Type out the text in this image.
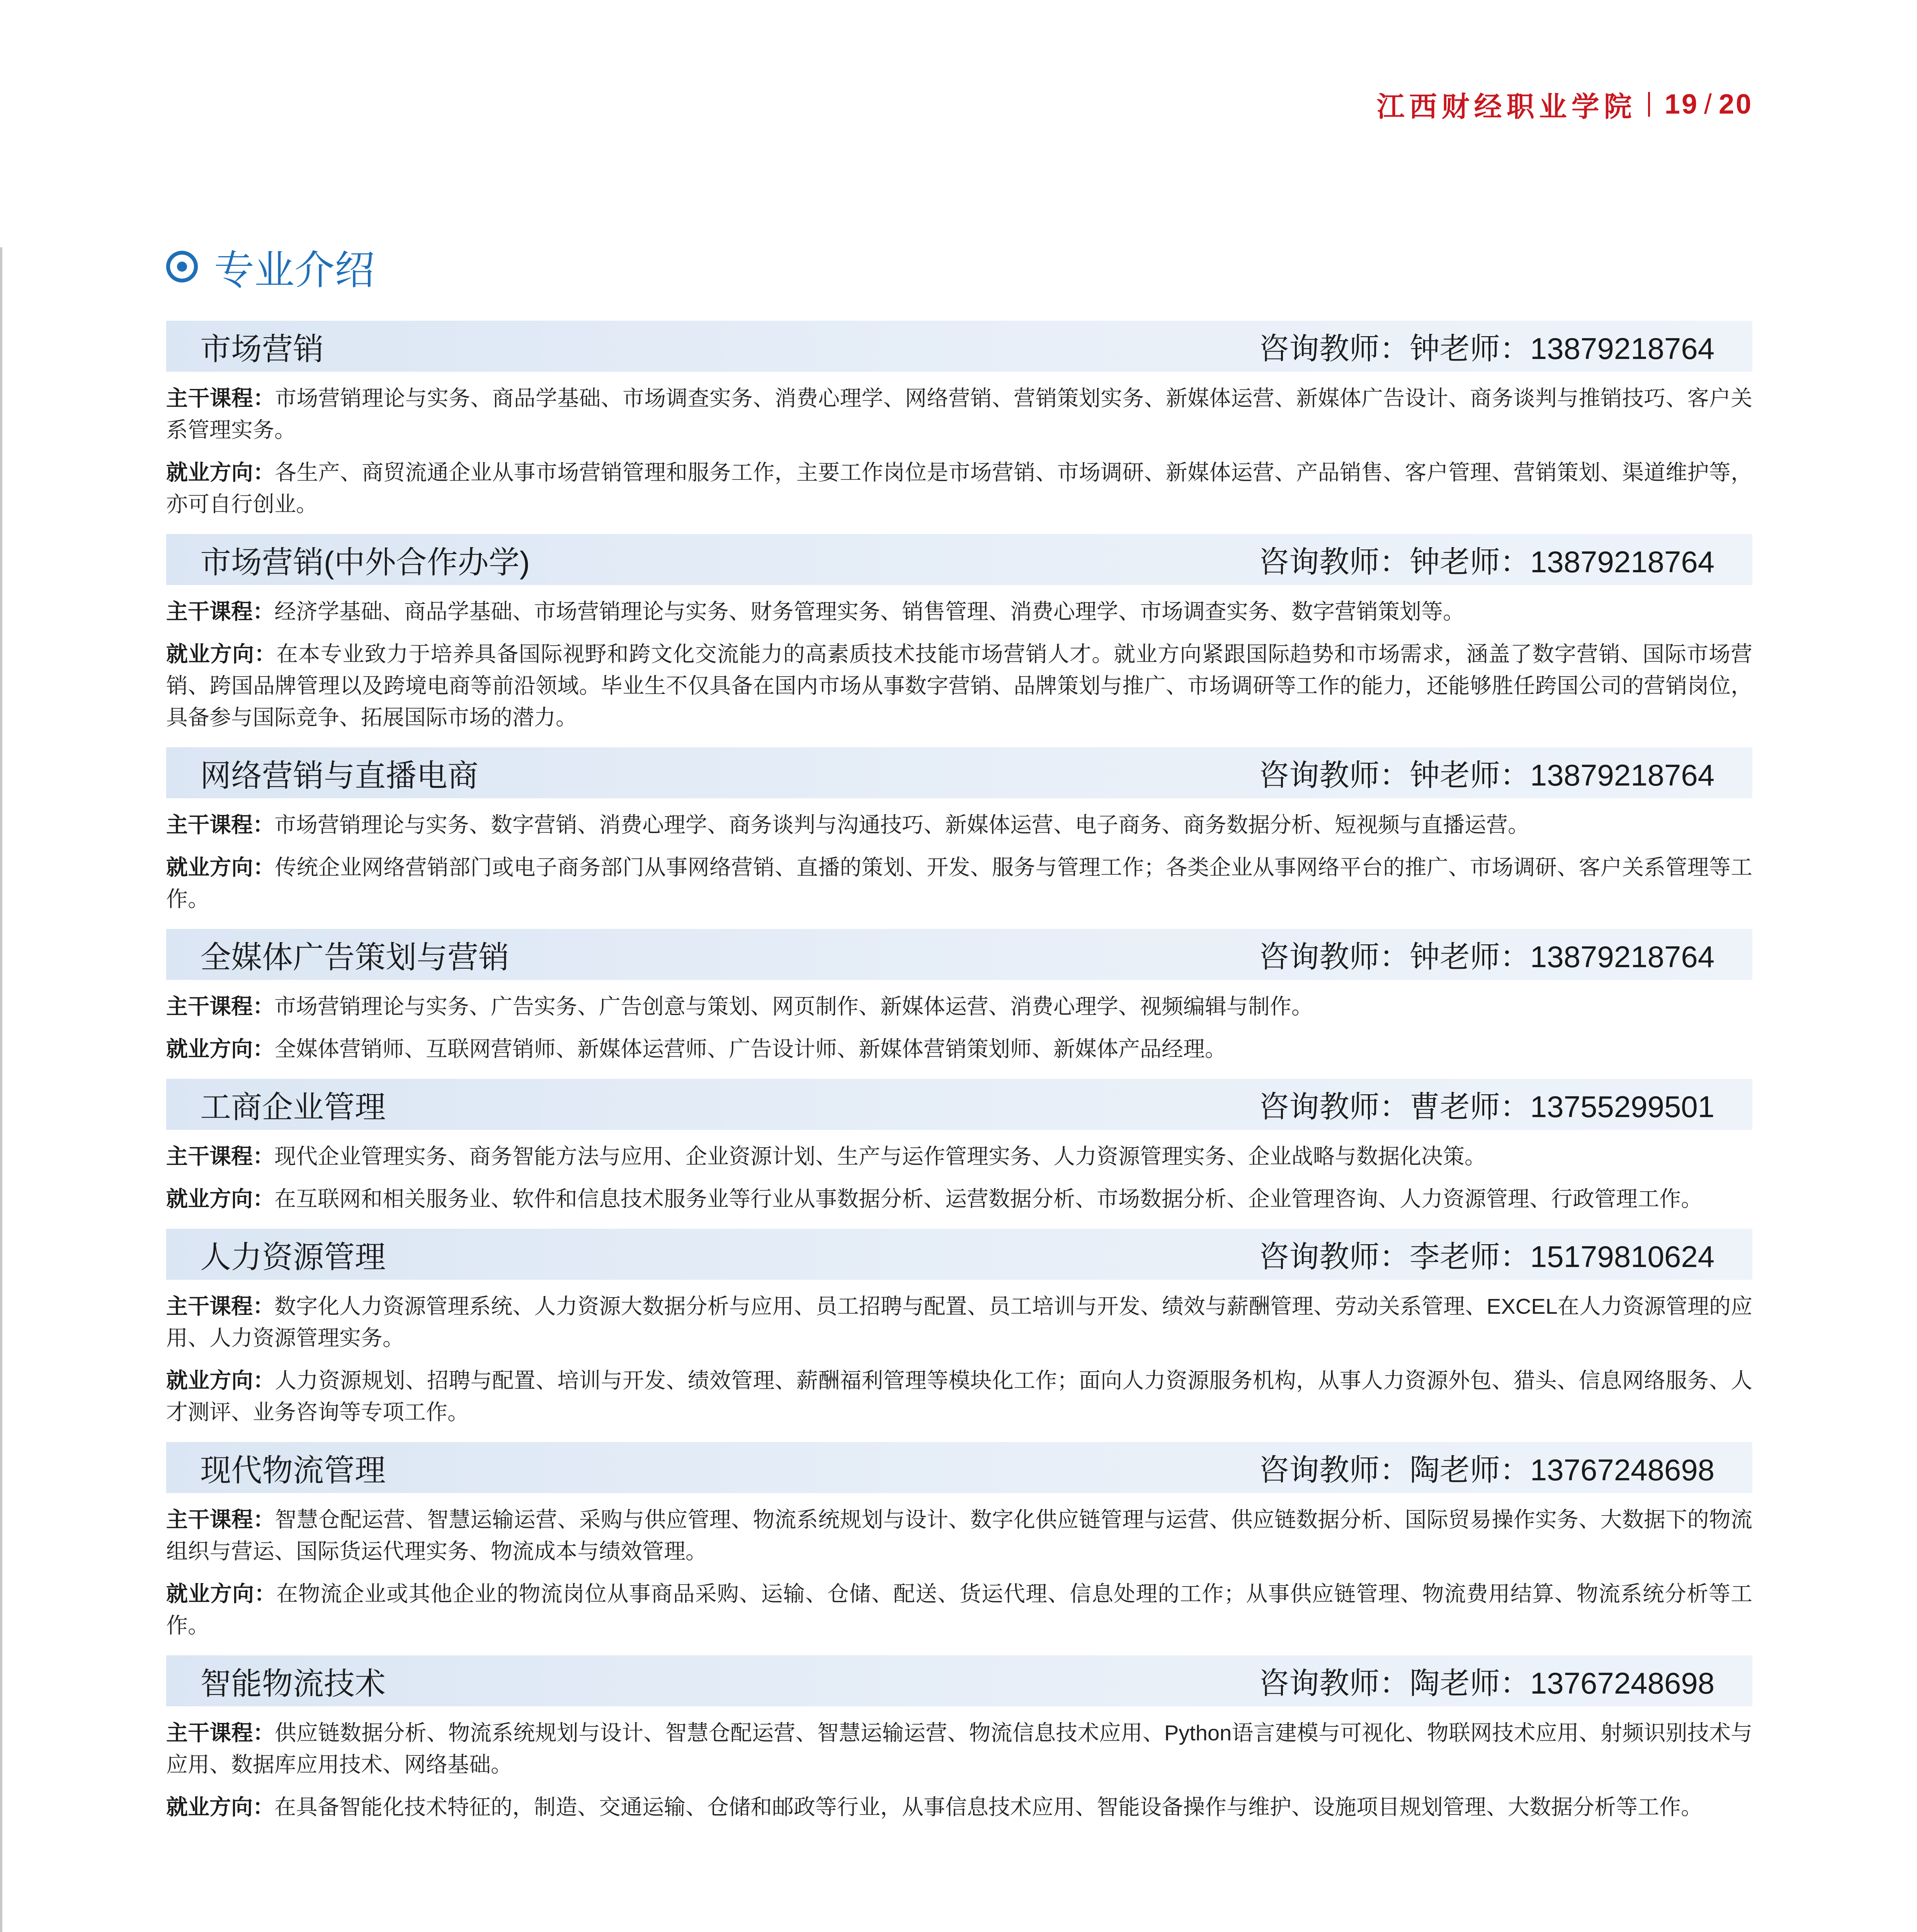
江西财经职业学院 19 / 20
专业介绍
市场营销	咨询教师：钟老师：13879218764

主干课程：市场营销理论与实务、商品学基础、市场调查实务、消费心理学、网络营销、营销策划实务、新媒体运营、新媒体广告设计、商务谈判与推销技巧、客户关系管理实务。

就业方向：各生产、商贸流通企业从事市场营销管理和服务工作，主要工作岗位是市场营销、市场调研、新媒体运营、产品销售、客户管理、营销策划、渠道维护等，亦可自行创业。

市场营销(中外合作办学)	咨询教师：钟老师：13879218764

主干课程：经济学基础、商品学基础、市场营销理论与实务、财务管理实务、销售管理、消费心理学、市场调查实务、数字营销策划等。

就业方向：在本专业致力于培养具备国际视野和跨文化交流能力的高素质技术技能市场营销人才。就业方向紧跟国际趋势和市场需求，涵盖了数字营销、国际市场营销、跨国品牌管理以及跨境电商等前沿领域。毕业生不仅具备在国内市场从事数字营销、品牌策划与推广、市场调研等工作的能力，还能够胜任跨国公司的营销岗位，具备参与国际竞争、拓展国际市场的潜力。

网络营销与直播电商	咨询教师：钟老师：13879218764

主干课程：市场营销理论与实务、数字营销、消费心理学、商务谈判与沟通技巧、新媒体运营、电子商务、商务数据分析、短视频与直播运营。

就业方向：传统企业网络营销部门或电子商务部门从事网络营销、直播的策划、开发、服务与管理工作；各类企业从事网络平台的推广、市场调研、客户关系管理等工作。

全媒体广告策划与营销	咨询教师：钟老师：13879218764

主干课程：市场营销理论与实务、广告实务、广告创意与策划、网页制作、新媒体运营、消费心理学、视频编辑与制作。

就业方向：全媒体营销师、互联网营销师、新媒体运营师、广告设计师、新媒体营销策划师、新媒体产品经理。

工商企业管理	咨询教师：曹老师：13755299501

主干课程：现代企业管理实务、商务智能方法与应用、企业资源计划、生产与运作管理实务、人力资源管理实务、企业战略与数据化决策。

就业方向：在互联网和相关服务业、软件和信息技术服务业等行业从事数据分析、运营数据分析、市场数据分析、企业管理咨询、人力资源管理、行政管理工作。

人力资源管理	咨询教师：李老师：15179810624

主干课程：数字化人力资源管理系统、人力资源大数据分析与应用、员工招聘与配置、员工培训与开发、绩效与薪酬管理、劳动关系管理、EXCEL在人力资源管理的应用、人力资源管理实务。

就业方向：人力资源规划、招聘与配置、培训与开发、绩效管理、薪酬福利管理等模块化工作；面向人力资源服务机构，从事人力资源外包、猎头、信息网络服务、人才测评、业务咨询等专项工作。

现代物流管理	咨询教师：陶老师：13767248698

主干课程：智慧仓配运营、智慧运输运营、采购与供应管理、物流系统规划与设计、数字化供应链管理与运营、供应链数据分析、国际贸易操作实务、大数据下的物流组织与营运、国际货运代理实务、物流成本与绩效管理。

就业方向：在物流企业或其他企业的物流岗位从事商品采购、运输、仓储、配送、货运代理、信息处理的工作；从事供应链管理、物流费用结算、物流系统分析等工作。

智能物流技术	咨询教师：陶老师：13767248698

主干课程：供应链数据分析、物流系统规划与设计、智慧仓配运营、智慧运输运营、物流信息技术应用、Python语言建模与可视化、物联网技术应用、射频识别技术与应用、数据库应用技术、网络基础。

就业方向：在具备智能化技术特征的，制造、交通运输、仓储和邮政等行业，从事信息技术应用、智能设备操作与维护、设施项目规划管理、大数据分析等工作。
